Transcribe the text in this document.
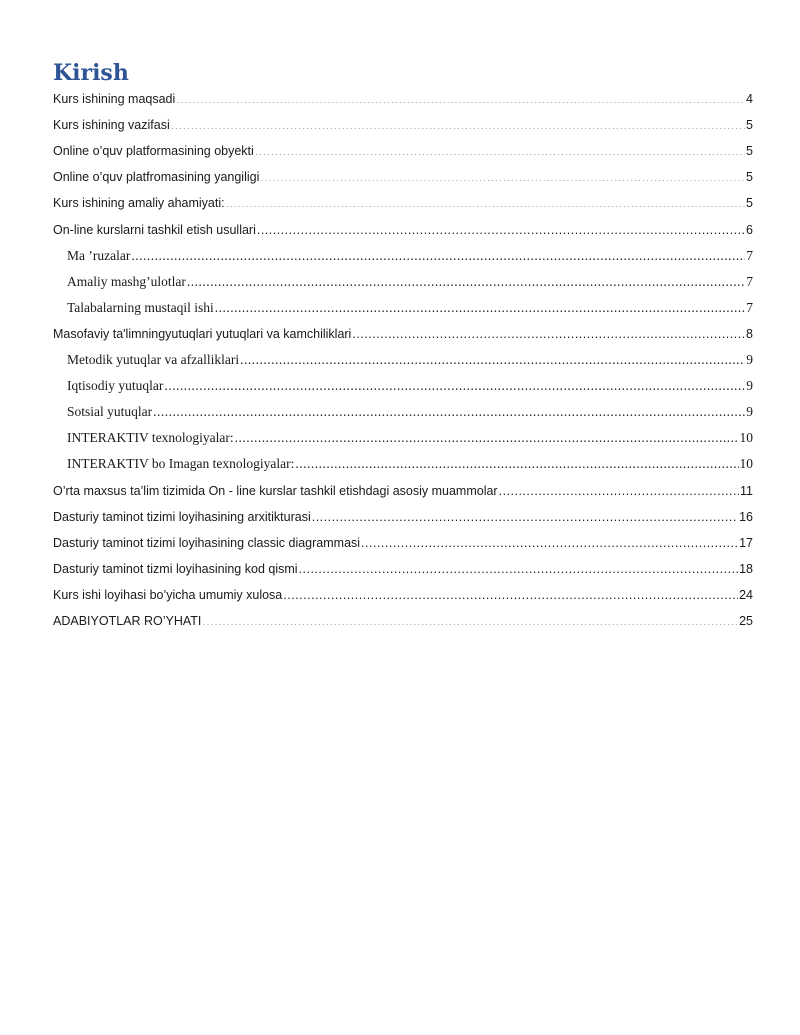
Kirish
Kurs ishining maqsadi .....	4
Kurs ishining vazifasi .....	5
Online o’quv platformasining obyekti .....	5
Online o’quv platfromasining yangiligi .....	5
Kurs ishining amaliy ahamiyati: .....	5
On-line kurslarni tashkil etish usullari .....	6
Ma ’ruzalar .....	7
Amaliy mashg’ulotlar .....	7
Talabalarning mustaqil ishi .....	7
Masofaviy ta'limningyutuqlari yutuqlari va kamchiliklari .....	8
Metodik yutuqlar va afzalliklari .....	9
Iqtisodiy yutuqlar .....	9
Sotsial yutuqlar .....	9
INTERAKTIV texnologiyalar: .....	10
INTERAKTIV bo Imagan texnologiyalar: .....	10
O’rta maxsus ta’lim tizimida On - line kurslar tashkil etishdagi asosiy muammolar .....	11
Dasturiy taminot tizimi loyihasining arxitikturasi .....	16
Dasturiy taminot tizimi loyihasining classic diagrammasi .....	17
Dasturiy taminot tizmi loyihasining kod qismi .....	18
Kurs ishi loyihasi bo’yicha umumiy xulosa .....	24
ADABIYOTLAR RO’YHATI .....	25
